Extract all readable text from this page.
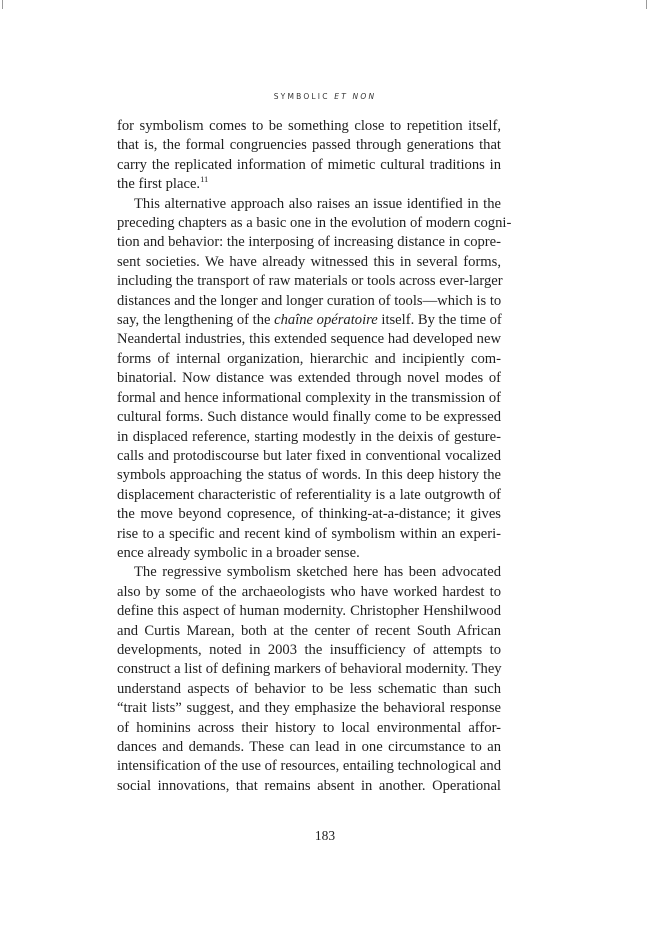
SYMBOLIC ET NON
for symbolism comes to be something close to repetition itself,
that is, the formal congruencies passed through generations that
carry the replicated information of mimetic cultural traditions in
the first place.$^{11}$
This alternative approach also raises an issue identified in the
preceding chapters as a basic one in the evolution of modern cogni-
tion and behavior: the interposing of increasing distance in copre-
sent societies. We have already witnessed this in several forms,
including the transport of raw materials or tools across ever-larger
distances and the longer and longer curation of tools—which is to
say, the lengthening of the chaîne opératoire itself. By the time of
Neandertal industries, this extended sequence had developed new
forms of internal organization, hierarchic and incipiently com-
binatorial. Now distance was extended through novel modes of
formal and hence informational complexity in the transmission of
cultural forms. Such distance would finally come to be expressed
in displaced reference, starting modestly in the deixis of gesture-
calls and protodiscourse but later fixed in conventional vocalized
symbols approaching the status of words. In this deep history the
displacement characteristic of referentiality is a late outgrowth of
the move beyond copresence, of thinking-at-a-distance; it gives
rise to a specific and recent kind of symbolism within an experi-
ence already symbolic in a broader sense.
The regressive symbolism sketched here has been advocated
also by some of the archaeologists who have worked hardest to
define this aspect of human modernity. Christopher Henshilwood
and Curtis Marean, both at the center of recent South African
developments, noted in 2003 the insufficiency of attempts to
construct a list of defining markers of behavioral modernity. They
understand aspects of behavior to be less schematic than such
“trait lists” suggest, and they emphasize the behavioral response
of hominins across their history to local environmental affor-
dances and demands. These can lead in one circumstance to an
intensification of the use of resources, entailing technological and
social innovations, that remains absent in another. Operational
183
